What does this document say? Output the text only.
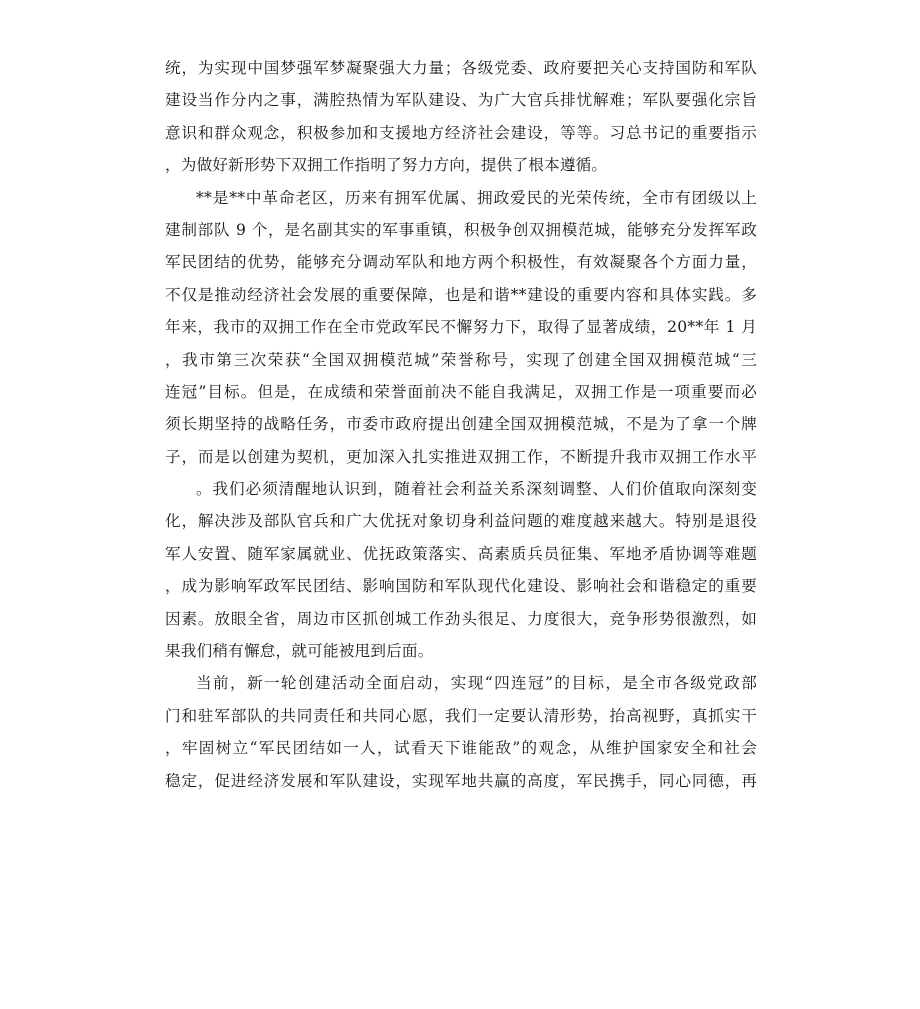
统，为实现中国梦强军梦凝聚强大力量；各级党委、政府要把关心支持国防和军队
建设当作分内之事，满腔热情为军队建设、为广大官兵排忧解难；军队要强化宗旨
意识和群众观念，积极参加和支援地方经济社会建设，等等。习总书记的重要指示
，为做好新形势下双拥工作指明了努力方向，提供了根本遵循。
**是**中革命老区，历来有拥军优属、拥政爱民的光荣传统，全市有团级以上
建制部队 9 个，是名副其实的军事重镇，积极争创双拥模范城，能够充分发挥军政
军民团结的优势，能够充分调动军队和地方两个积极性，有效凝聚各个方面力量，
不仅是推动经济社会发展的重要保障，也是和谐**建设的重要内容和具体实践。多
年来，我市的双拥工作在全市党政军民不懈努力下，取得了显著成绩，20**年 1 月
，我市第三次荣获“全国双拥模范城”荣誉称号，实现了创建全国双拥模范城“三
连冠”目标。但是，在成绩和荣誉面前决不能自我满足，双拥工作是一项重要而必
须长期坚持的战略任务，市委市政府提出创建全国双拥模范城，不是为了拿一个牌
子，而是以创建为契机，更加深入扎实推进双拥工作，不断提升我市双拥工作水平
。我们必须清醒地认识到，随着社会利益关系深刻调整、人们价值取向深刻变
化，解决涉及部队官兵和广大优抚对象切身利益问题的难度越来越大。特别是退役
军人安置、随军家属就业、优抚政策落实、高素质兵员征集、军地矛盾协调等难题
，成为影响军政军民团结、影响国防和军队现代化建设、影响社会和谐稳定的重要
因素。放眼全省，周边市区抓创城工作劲头很足、力度很大，竞争形势很激烈，如
果我们稍有懈怠，就可能被甩到后面。
当前，新一轮创建活动全面启动，实现“四连冠”的目标，是全市各级党政部
门和驻军部队的共同责任和共同心愿，我们一定要认清形势，抬高视野，真抓实干
，牢固树立“军民团结如一人，试看天下谁能敌”的观念，从维护国家安全和社会
稳定，促进经济发展和军队建设，实现军地共赢的高度，军民携手，同心同德，再
